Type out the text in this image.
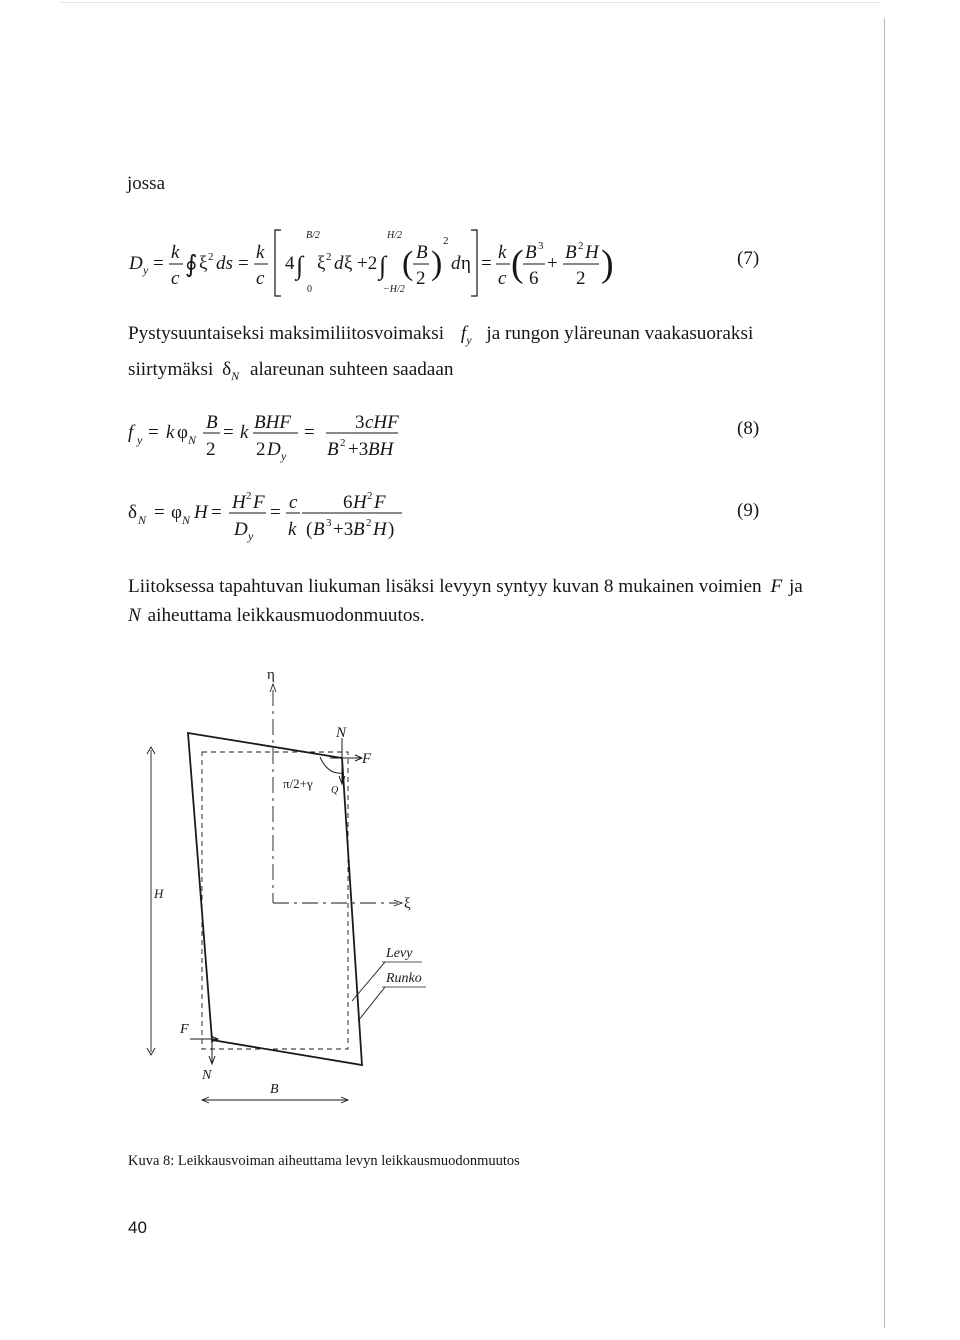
jossa
D y =
k
c
∮ ξ 2 ds =
k
c
4 ∫
B/2
0
ξ 2 d ξ +2 ∫
H/2
−H/2
( B
2 )
2
d η =
k
c ( B 3
6
+
B 2 H
2 )	(7)
Pystysuuntaiseksi maksimiliitosvoimaksi $f_y$ ja rungon yläreunan vaakasuoraksi
siirtymäksi $\delta_N$ alareunan suhteen saadaan
f y = k φ N
B
2
= k BHF
2 D y
= 3 cHF
B 2 +3 BH
(8)
δ N = φ N H = H 2 F
D y
= c
k
6 H 2 F
( B 3 +3 B 2 H )
(9)
Liitoksessa tapahtuvan liukuman lisäksi levyyn syntyy kuvan 8 mukainen voimien F ja
N aiheuttama leikkausmuodonmuutos.
η
ξ
N
F
π/2+γ Q
H
F
N
B
Levy
Runko
Kuva 8: Leikkausvoiman aiheuttama levyn leikkausmuodonmuutos
40
